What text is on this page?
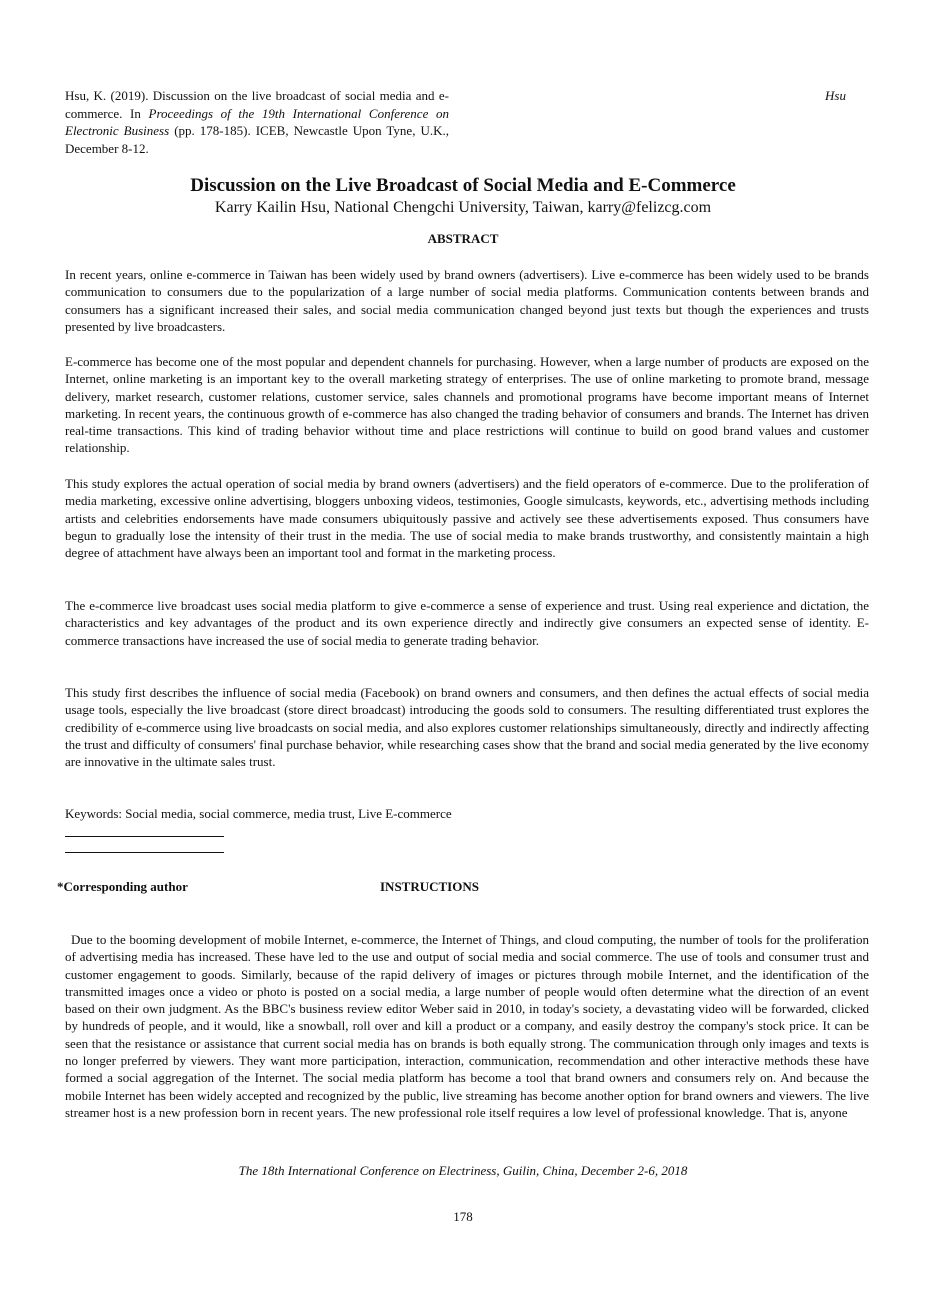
Hsu, K. (2019). Discussion on the live broadcast of social media and e-commerce. In Proceedings of the 19th International Conference on Electronic Business (pp. 178-185). ICEB, Newcastle Upon Tyne, U.K., December 8-12.
Hsu
Discussion on the Live Broadcast of Social Media and E-Commerce
Karry Kailin Hsu, National Chengchi University, Taiwan, karry@felizcg.com
ABSTRACT
In recent years, online e-commerce in Taiwan has been widely used by brand owners (advertisers). Live e-commerce has been widely used to be brands communication to consumers due to the popularization of a large number of social media platforms. Communication contents between brands and consumers has a significant increased their sales, and social media communication changed beyond just texts but though the experiences and trusts presented by live broadcasters.
E-commerce has become one of the most popular and dependent channels for purchasing. However, when a large number of products are exposed on the Internet, online marketing is an important key to the overall marketing strategy of enterprises. The use of online marketing to promote brand, message delivery, market research, customer relations, customer service, sales channels and promotional programs have become important means of Internet marketing. In recent years, the continuous growth of e-commerce has also changed the trading behavior of consumers and brands. The Internet has driven real-time transactions. This kind of trading behavior without time and place restrictions will continue to build on good brand values and customer relationship.
This study explores the actual operation of social media by brand owners (advertisers) and the field operators of e-commerce. Due to the proliferation of media marketing, excessive online advertising, bloggers unboxing videos, testimonies, Google simulcasts, keywords, etc., advertising methods including artists and celebrities endorsements have made consumers ubiquitously passive and actively see these advertisements exposed. Thus consumers have begun to gradually lose the intensity of their trust in the media. The use of social media to make brands trustworthy, and consistently maintain a high degree of attachment have always been an important tool and format in the marketing process.
The e-commerce live broadcast uses social media platform to give e-commerce a sense of experience and trust. Using real experience and dictation, the characteristics and key advantages of the product and its own experience directly and indirectly give consumers an expected sense of identity. E-commerce transactions have increased the use of social media to generate trading behavior.
This study first describes the influence of social media (Facebook) on brand owners and consumers, and then defines the actual effects of social media usage tools, especially the live broadcast (store direct broadcast) introducing the goods sold to consumers. The resulting differentiated trust explores the credibility of e-commerce using live broadcasts on social media, and also explores customer relationships simultaneously, directly and indirectly affecting the trust and difficulty of consumers' final purchase behavior, while researching cases show that the brand and social media generated by the live economy are innovative in the ultimate sales trust.
Keywords: Social media, social commerce, media trust, Live E-commerce
*Corresponding author	INSTRUCTIONS
Due to the booming development of mobile Internet, e-commerce, the Internet of Things, and cloud computing, the number of tools for the proliferation of advertising media has increased. These have led to the use and output of social media and social commerce. The use of tools and consumer trust and customer engagement to goods. Similarly, because of the rapid delivery of images or pictures through mobile Internet, and the identification of the transmitted images once a video or photo is posted on a social media, a large number of people would often determine what the direction of an event based on their own judgment. As the BBC's business review editor Weber said in 2010, in today's society, a devastating video will be forwarded, clicked by hundreds of people, and it would, like a snowball, roll over and kill a product or a company, and easily destroy the company's stock price. It can be seen that the resistance or assistance that current social media has on brands is both equally strong. The communication through only images and texts is no longer preferred by viewers. They want more participation, interaction, communication, recommendation and other interactive methods these have formed a social aggregation of the Internet. The social media platform has become a tool that brand owners and consumers rely on. And because the mobile Internet has been widely accepted and recognized by the public, live streaming has become another option for brand owners and viewers. The live streamer host is a new profession born in recent years. The new professional role itself requires a low level of professional knowledge. That is, anyone
The 18th International Conference on Electriness, Guilin, China, December 2-6, 2018
178
